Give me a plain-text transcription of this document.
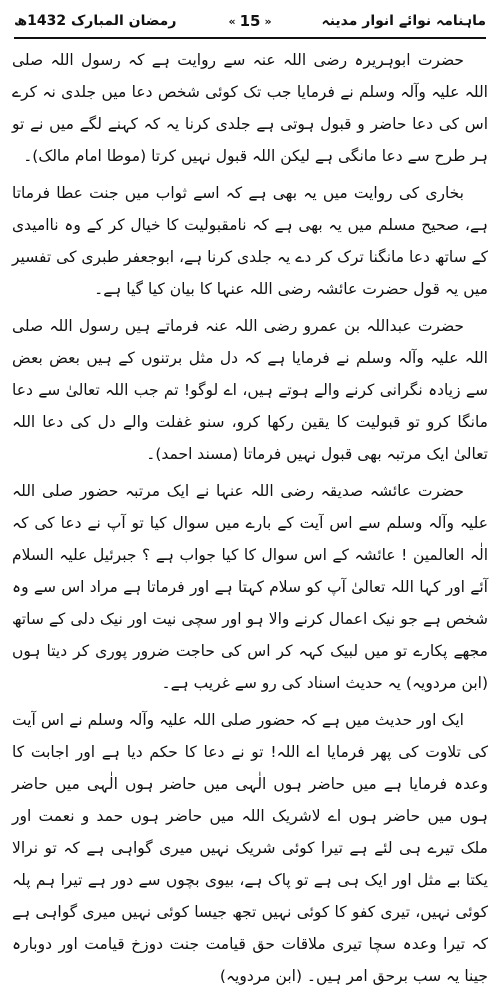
ماہنامہ نوائے انوار مدینہ
« 15 »
رمضان المبارک 1432ھ

حضرت ابوہریرہ رضی اللہ عنہ سے روایت ہے کہ رسول اللہ صلی اللہ علیہ وآلہ وسلم نے فرمایا جب تک کوئی شخص دعا میں جلدی نہ کرے اس کی دعا حاضر و قبول ہوتی ہے جلدی کرنا یہ کہ کہنے لگے میں نے تو ہر طرح سے دعا مانگی ہے لیکن اللہ قبول نہیں کرتا (موطا امام مالک)۔

بخاری کی روایت میں یہ بھی ہے کہ اسے ثواب میں جنت عطا فرماتا ہے، صحیح مسلم میں یہ بھی ہے کہ نامقبولیت کا خیال کر کے وہ ناامیدی کے ساتھ دعا مانگنا ترک کر دے یہ جلدی کرنا ہے، ابوجعفر طبری کی تفسیر میں یہ قول حضرت عائشہ رضی اللہ عنہا کا بیان کیا گیا ہے۔

حضرت عبداللہ بن عمرو رضی اللہ عنہ فرماتے ہیں رسول اللہ صلی اللہ علیہ وآلہ وسلم نے فرمایا ہے کہ دل مثل برتنوں کے ہیں بعض بعض سے زیادہ نگرانی کرنے والے ہوتے ہیں، اے لوگو! تم جب اللہ تعالیٰ سے دعا مانگا کرو تو قبولیت کا یقین رکھا کرو، سنو غفلت والے دل کی دعا اللہ تعالیٰ ایک مرتبہ بھی قبول نہیں فرماتا (مسند احمد)۔

حضرت عائشہ صدیقہ رضی اللہ عنہا نے ایک مرتبہ حضور صلی اللہ علیہ وآلہ وسلم سے اس آیت کے بارے میں سوال کیا تو آپ نے دعا کی کہ الٰہ العالمین ! عائشہ کے اس سوال کا کیا جواب ہے ؟ جبرئیل علیہ السلام آئے اور کہا اللہ تعالیٰ آپ کو سلام کہتا ہے اور فرماتا ہے مراد اس سے وہ شخص ہے جو نیک اعمال کرنے والا ہو اور سچی نیت اور نیک دلی کے ساتھ مجھے پکارے تو میں لبیک کہہ کر اس کی حاجت ضرور پوری کر دیتا ہوں (ابن مردویہ) یہ حدیث اسناد کی رو سے غریب ہے۔

ایک اور حدیث میں ہے کہ حضور صلی اللہ علیہ وآلہ وسلم نے اس آیت کی تلاوت کی پھر فرمایا اے اللہ! تو نے دعا کا حکم دیا ہے اور اجابت کا وعدہ فرمایا ہے میں حاضر ہوں الٰہی میں حاضر ہوں الٰہی میں حاضر ہوں میں حاضر ہوں اے لاشریک اللہ میں حاضر ہوں حمد و نعمت اور ملک تیرے ہی لئے ہے تیرا کوئی شریک نہیں میری گواہی ہے کہ تو نرالا یکتا بے مثل اور ایک ہی ہے تو پاک ہے، بیوی بچوں سے دور ہے تیرا ہم پلہ کوئی نہیں، تیری کفو کا کوئی نہیں تجھ جیسا کوئی نہیں میری گواہی ہے کہ تیرا وعدہ سچا تیری ملاقات حق قیامت جنت دوزخ قیامت اور دوبارہ جینا یہ سب برحق امر ہیں۔ (ابن مردویہ)
